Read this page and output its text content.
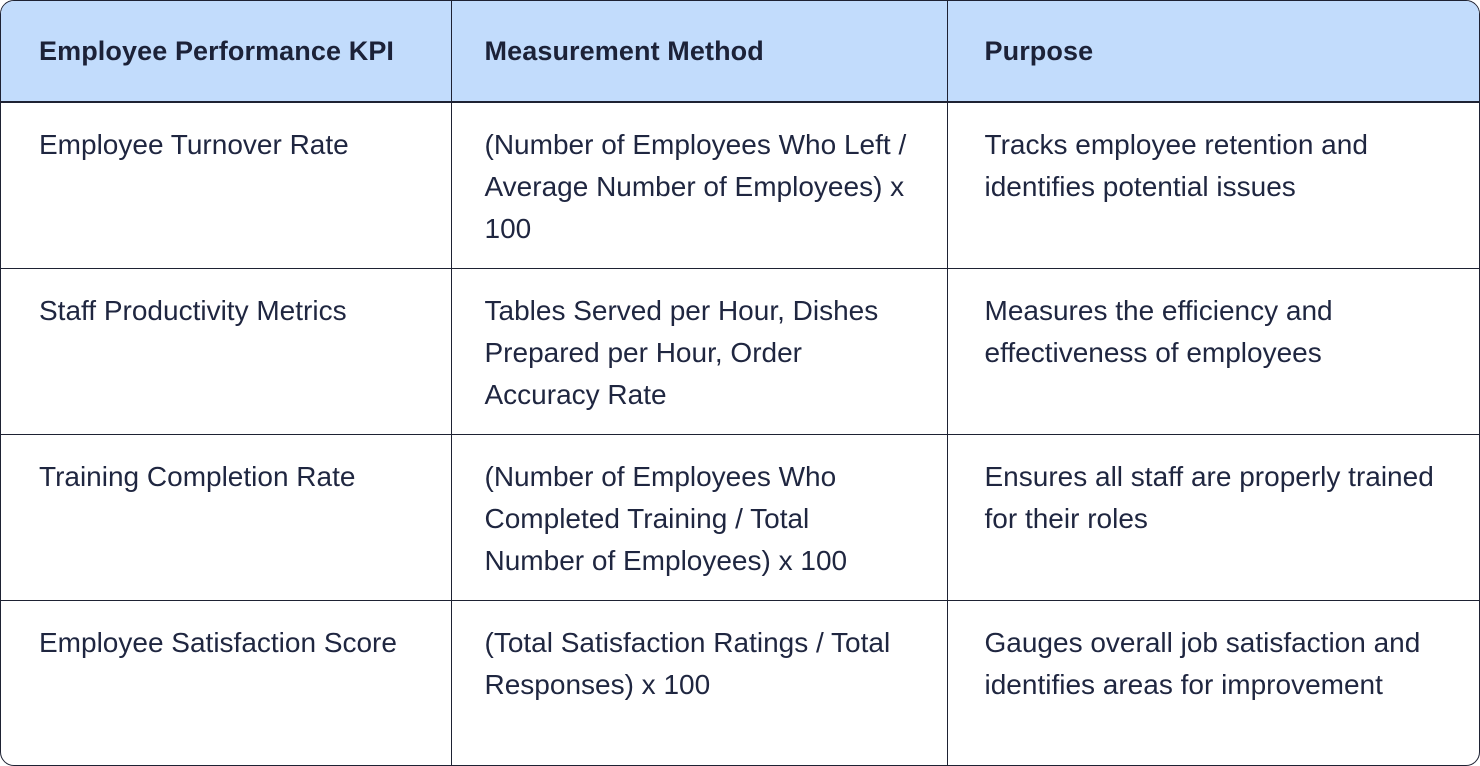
Employee Performance KPI	Measurement Method	Purpose
Employee Turnover Rate	(Number of Employees Who Left / Average Number of Employees) x 100	Tracks employee retention and identifies potential issues
Staff Productivity Metrics	Tables Served per Hour, Dishes Prepared per Hour, Order Accuracy Rate	Measures the efficiency and effectiveness of employees
Training Completion Rate	(Number of Employees Who Completed Training / Total Number of Employees) x 100	Ensures all staff are properly trained for their roles
Employee Satisfaction Score	(Total Satisfaction Ratings / Total Responses) x 100	Gauges overall job satisfaction and identifies areas for improvement
